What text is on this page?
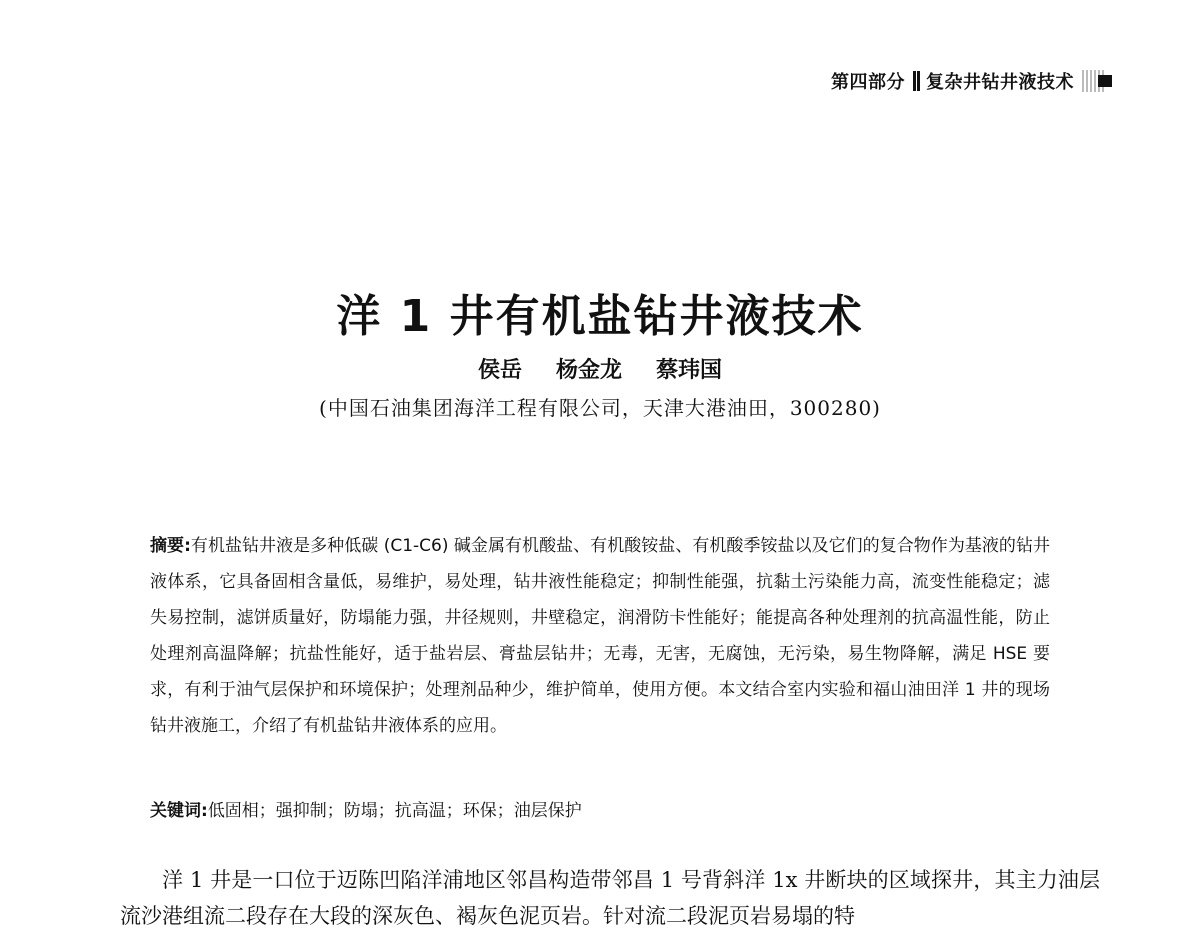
第四部分 复杂井钻井液技术
洋 1 井有机盐钻井液技术
侯岳 杨金龙 蔡玮国
(中国石油集团海洋工程有限公司，天津大港油田，300280)
摘要:有机盐钻井液是多种低碳 (C1-C6) 碱金属有机酸盐、有机酸铵盐、有机酸季铵盐以及它们的复合物作为基液的钻井液体系，它具备固相含量低，易维护，易处理，钻井液性能稳定；抑制性能强，抗黏土污染能力高，流变性能稳定；滤失易控制，滤饼质量好，防塌能力强，井径规则，井壁稳定，润滑防卡性能好；能提高各种处理剂的抗高温性能，防止处理剂高温降解；抗盐性能好，适于盐岩层、膏盐层钻井；无毒，无害，无腐蚀，无污染，易生物降解，满足 HSE 要求，有利于油气层保护和环境保护；处理剂品种少，维护简单，使用方便。本文结合室内实验和福山油田洋 1 井的现场钻井液施工，介绍了有机盐钻井液体系的应用。
关键词:低固相；强抑制；防塌；抗高温；环保；油层保护
洋 1 井是一口位于迈陈凹陷洋浦地区邻昌构造带邻昌 1 号背斜洋 1x 井断块的区域探井，其主力油层流沙港组流二段存在大段的深灰色、褐灰色泥页岩。针对流二段泥页岩易塌的特
